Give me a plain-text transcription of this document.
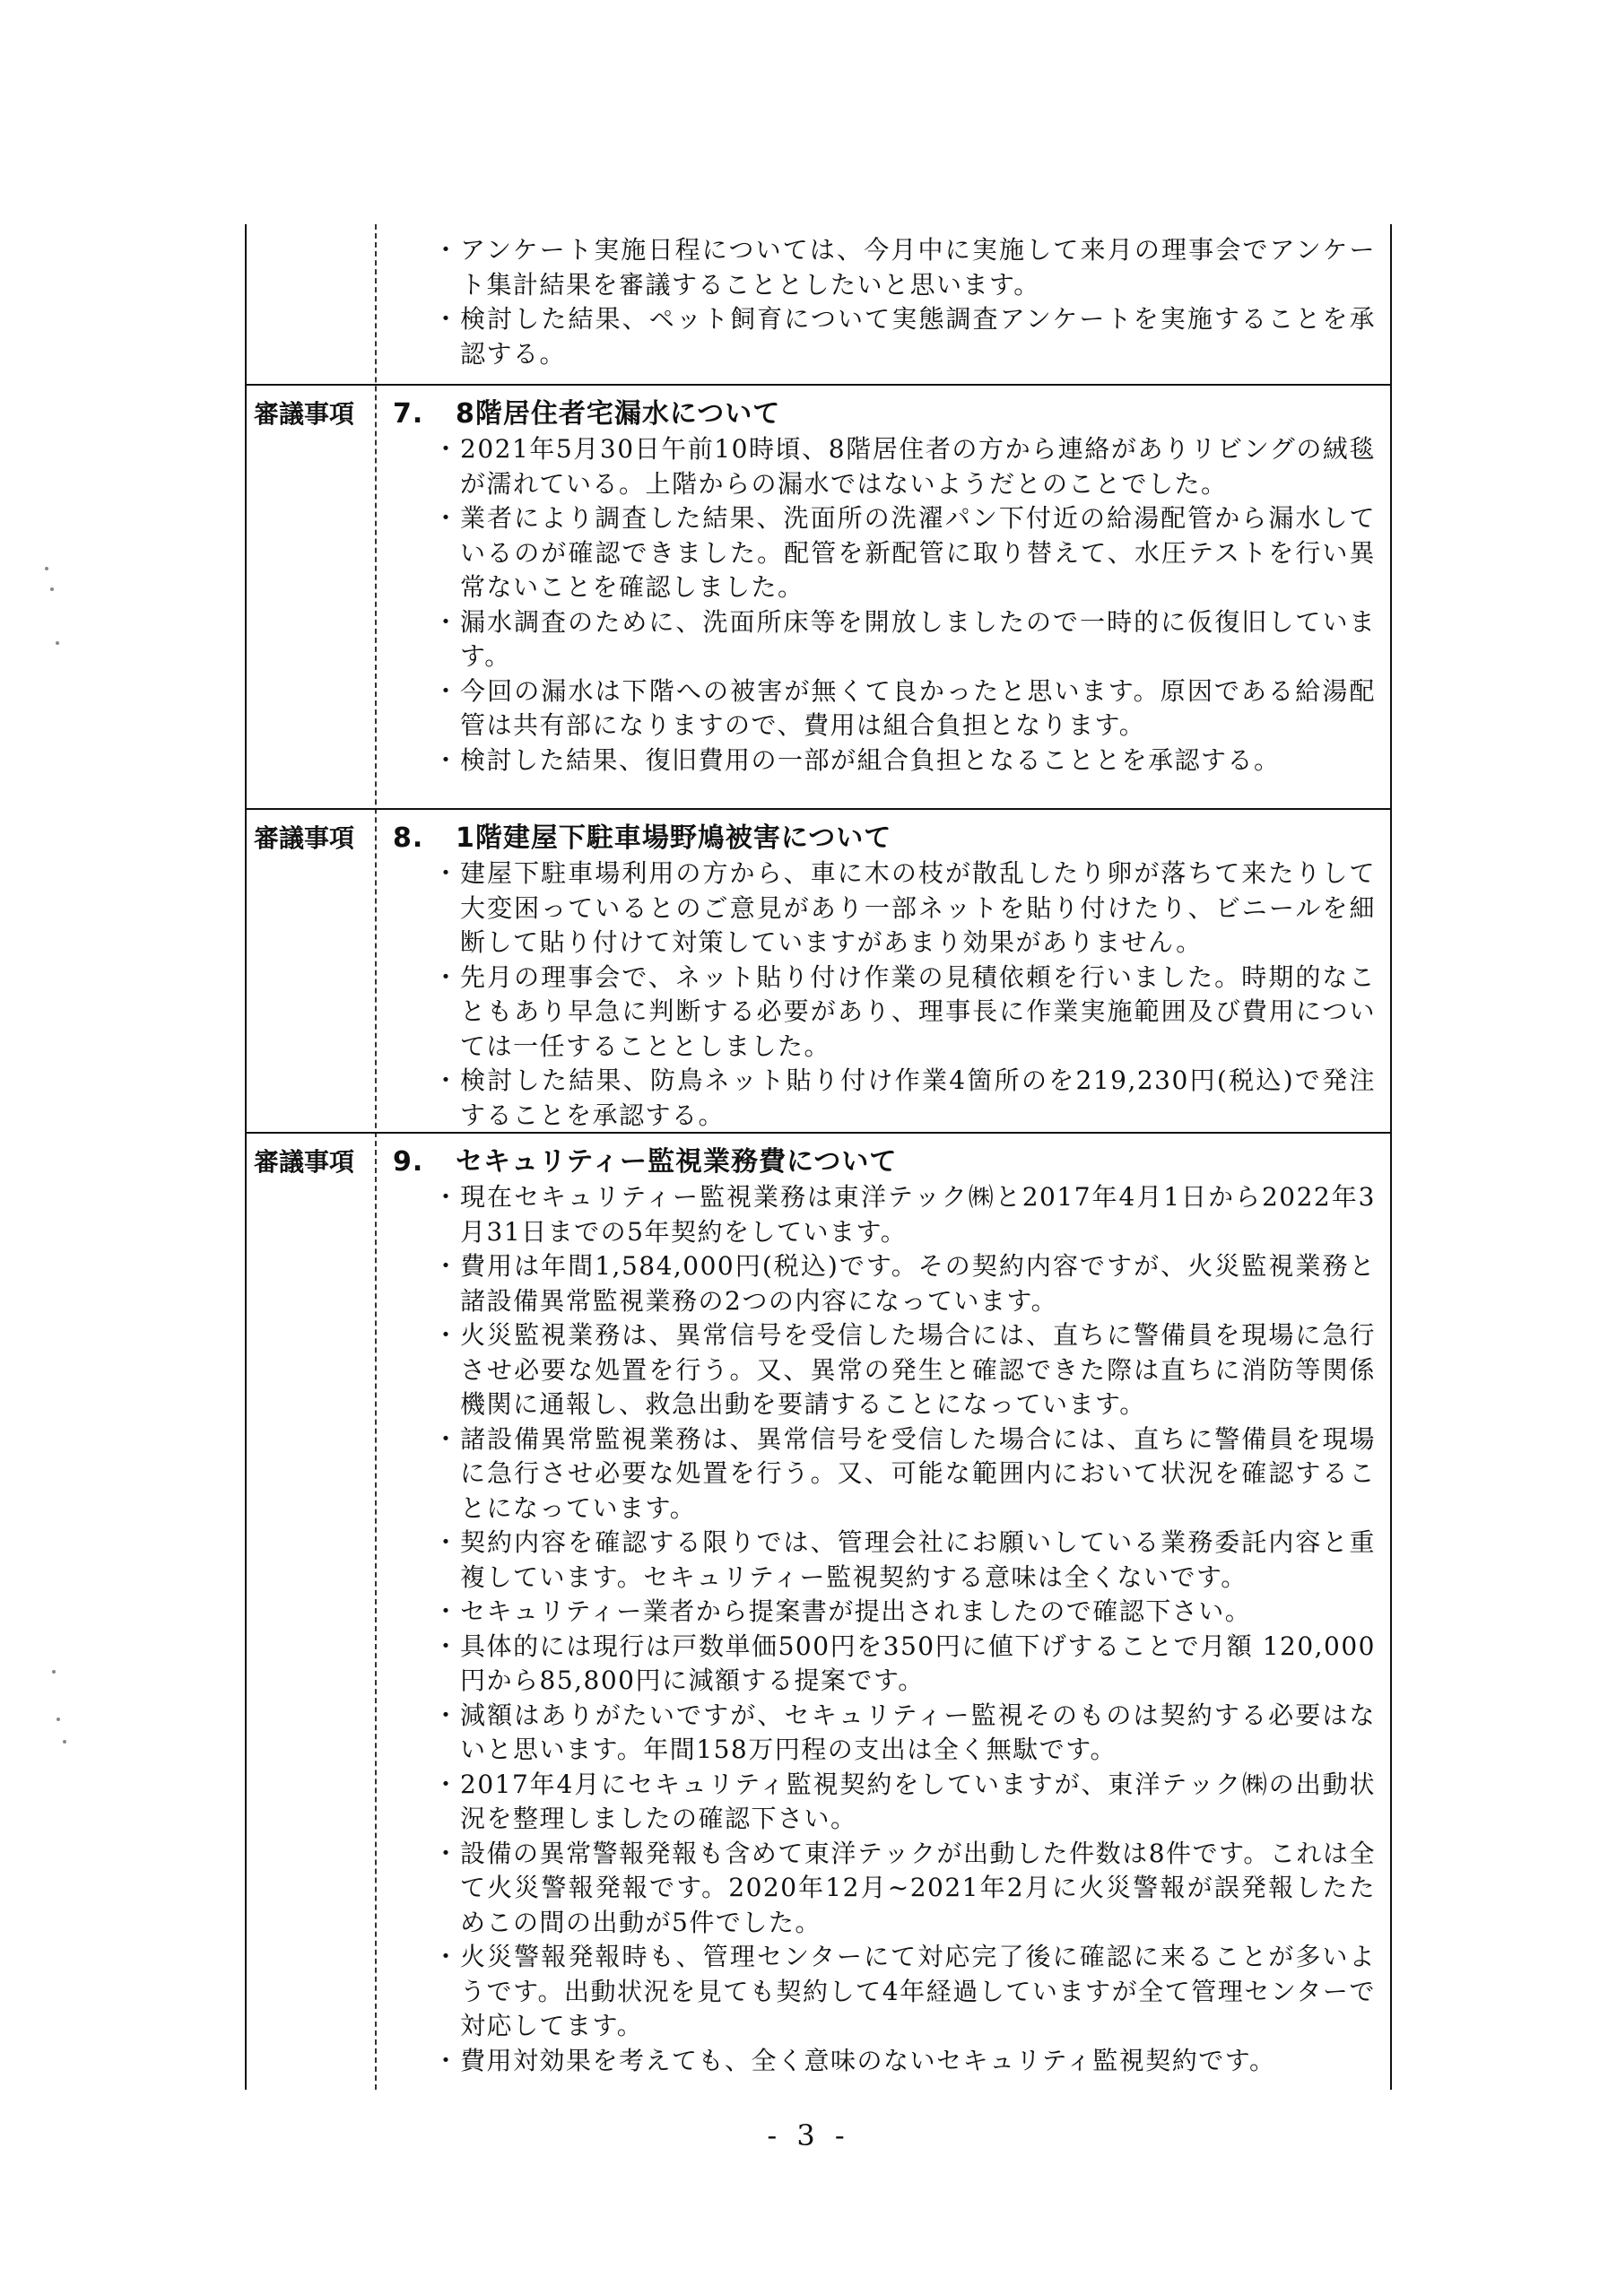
・ アンケート実施日程については、今月中に実施して来月の理事会でアンケート集計結果を審議することとしたいと思います。
・ 検討した結果、ペット飼育について実態調査アンケートを実施することを承認する。
審議事項	7. 8階居住者宅漏水について
・ 2021年5月30日午前10時頃、8階居住者の方から連絡がありリビングの絨毯が濡れている。上階からの漏水ではないようだとのことでした。
・ 業者により調査した結果、洗面所の洗濯パン下付近の給湯配管から漏水しているのが確認できました。配管を新配管に取り替えて、水圧テストを行い異常ないことを確認しました。
・ 漏水調査のために、洗面所床等を開放しましたので一時的に仮復旧しています。
・ 今回の漏水は下階への被害が無くて良かったと思います。原因である給湯配管は共有部になりますので、費用は組合負担となります。
・ 検討した結果、復旧費用の一部が組合負担となることとを承認する。
審議事項	8. 1階建屋下駐車場野鳩被害について
・ 建屋下駐車場利用の方から、車に木の枝が散乱したり卵が落ちて来たりして大変困っているとのご意見があり一部ネットを貼り付けたり、ビニールを細断して貼り付けて対策していますがあまり効果がありません。
・ 先月の理事会で、ネット貼り付け作業の見積依頼を行いました。時期的なこともあり早急に判断する必要があり、理事長に作業実施範囲及び費用については一任することとしました。
・ 検討した結果、防鳥ネット貼り付け作業4箇所のを219,230円(税込)で発注することを承認する。
審議事項	9. セキュリティー監視業務費について
・ 現在セキュリティー監視業務は東洋テック㈱と2017年4月1日から2022年3月31日までの5年契約をしています。
・ 費用は年間1,584,000円(税込)です。その契約内容ですが、火災監視業務と諸設備異常監視業務の2つの内容になっています。
・ 火災監視業務は、異常信号を受信した場合には、直ちに警備員を現場に急行させ必要な処置を行う。又、異常の発生と確認できた際は直ちに消防等関係機関に通報し、救急出動を要請することになっています。
・ 諸設備異常監視業務は、異常信号を受信した場合には、直ちに警備員を現場に急行させ必要な処置を行う。又、可能な範囲内において状況を確認することになっています。
・ 契約内容を確認する限りでは、管理会社にお願いしている業務委託内容と重複しています。セキュリティー監視契約する意味は全くないです。
・ セキュリティー業者から提案書が提出されましたので確認下さい。
・ 具体的には現行は戸数単価500円を350円に値下げすることで月額 120,000円から85,800円に減額する提案です。
・ 減額はありがたいですが、セキュリティー監視そのものは契約する必要はないと思います。年間158万円程の支出は全く無駄です。
・ 2017年4月にセキュリティ監視契約をしていますが、東洋テック㈱の出動状況を整理しましたの確認下さい。
・ 設備の異常警報発報も含めて東洋テックが出動した件数は8件です。これは全て火災警報発報です。2020年12月~2021年2月に火災警報が誤発報したためこの間の出動が5件でした。
・ 火災警報発報時も、管理センターにて対応完了後に確認に来ることが多いようです。出動状況を見ても契約して4年経過していますが全て管理センターで対応してます。
・ 費用対効果を考えても、全く意味のないセキュリティ監視契約です。
- 3 -
